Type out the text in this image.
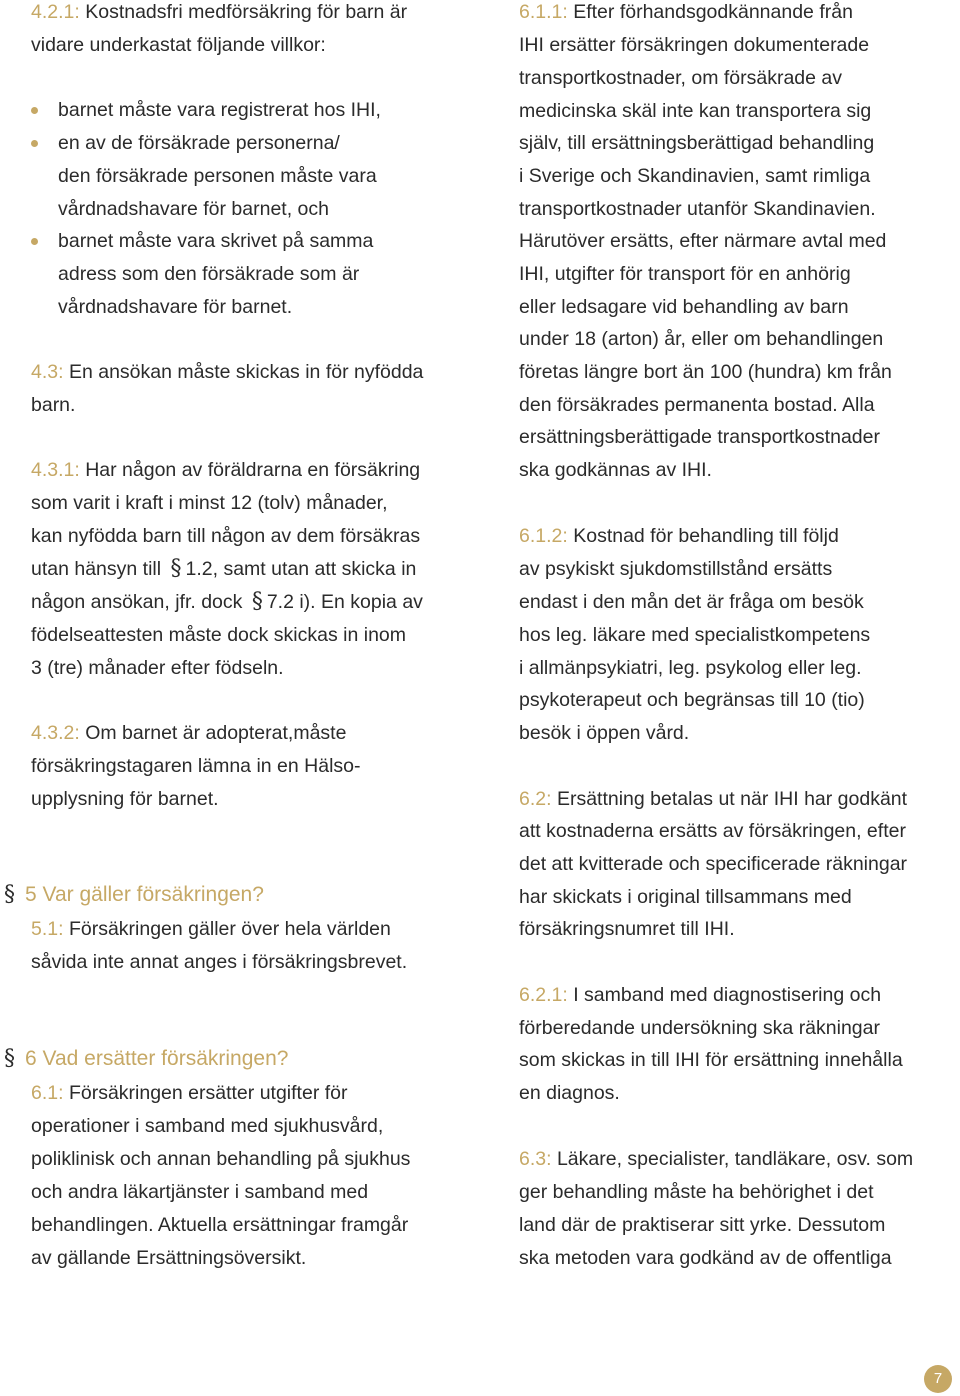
4.2.1: Kostnadsfri medförsäkring för barn är
vidare underkastat följande villkor:
barnet måste vara registrerat hos IHI,
en av de försäkrade personerna/
den försäkrade personen måste vara
vårdnadshavare för barnet, och
barnet måste vara skrivet på samma
adress som den försäkrade som är
vårdnadshavare för barnet.
4.3: En ansökan måste skickas in för nyfödda
barn.
4.3.1: Har någon av föräldrarna en försäkring
som varit i kraft i minst 12 (tolv) månader,
kan nyfödda barn till någon av dem försäkras
utan hänsyn till § 1.2, samt utan att skicka in
någon ansökan, jfr. dock § 7.2 i). En kopia av
födelseattesten måste dock skickas in inom
3 (tre) månader efter födseln.
4.3.2: Om barnet är adopterat,måste
försäkringstagaren lämna in en Hälso-
upplysning för barnet.
§ 5 Var gäller försäkringen?
5.1: Försäkringen gäller över hela världen
såvida inte annat anges i försäkringsbrevet.
§ 6 Vad ersätter försäkringen?
6.1: Försäkringen ersätter utgifter för
operationer i samband med sjukhusvård,
poliklinisk och annan behandling på sjukhus
och andra läkartjänster i samband med
behandlingen. Aktuella ersättningar framgår
av gällande Ersättningsöversikt.
6.1.1: Efter förhandsgodkännande från
IHI ersätter försäkringen dokumenterade
transportkostnader, om försäkrade av
medicinska skäl inte kan transportera sig
själv, till ersättningsberättigad behandling
i Sverige och Skandinavien, samt rimliga
transportkostnader utanför Skandinavien.
Härutöver ersätts, efter närmare avtal med
IHI, utgifter för transport för en anhörig
eller ledsagare vid behandling av barn
under 18 (arton) år, eller om behandlingen
företas längre bort än 100 (hundra) km från
den försäkrades permanenta bostad. Alla
ersättningsberättigade transportkostnader
ska godkännas av IHI.
6.1.2: Kostnad för behandling till följd
av psykiskt sjukdomstillstånd ersätts
endast i den mån det är fråga om besök
hos leg. läkare med specialistkompetens
i allmänpsykiatri, leg. psykolog eller leg.
psykoterapeut och begränsas till 10 (tio)
besök i öppen vård.
6.2: Ersättning betalas ut när IHI har godkänt
att kostnaderna ersätts av försäkringen, efter
det att kvitterade och specificerade räkningar
har skickats i original tillsammans med
försäkringsnumret till IHI.
6.2.1: I samband med diagnostisering och
förberedande undersökning ska räkningar
som skickas in till IHI för ersättning innehålla
en diagnos.
6.3: Läkare, specialister, tandläkare, osv. som
ger behandling måste ha behörighet i det
land där de praktiserar sitt yrke. Dessutom
ska metoden vara godkänd av de offentliga
7
